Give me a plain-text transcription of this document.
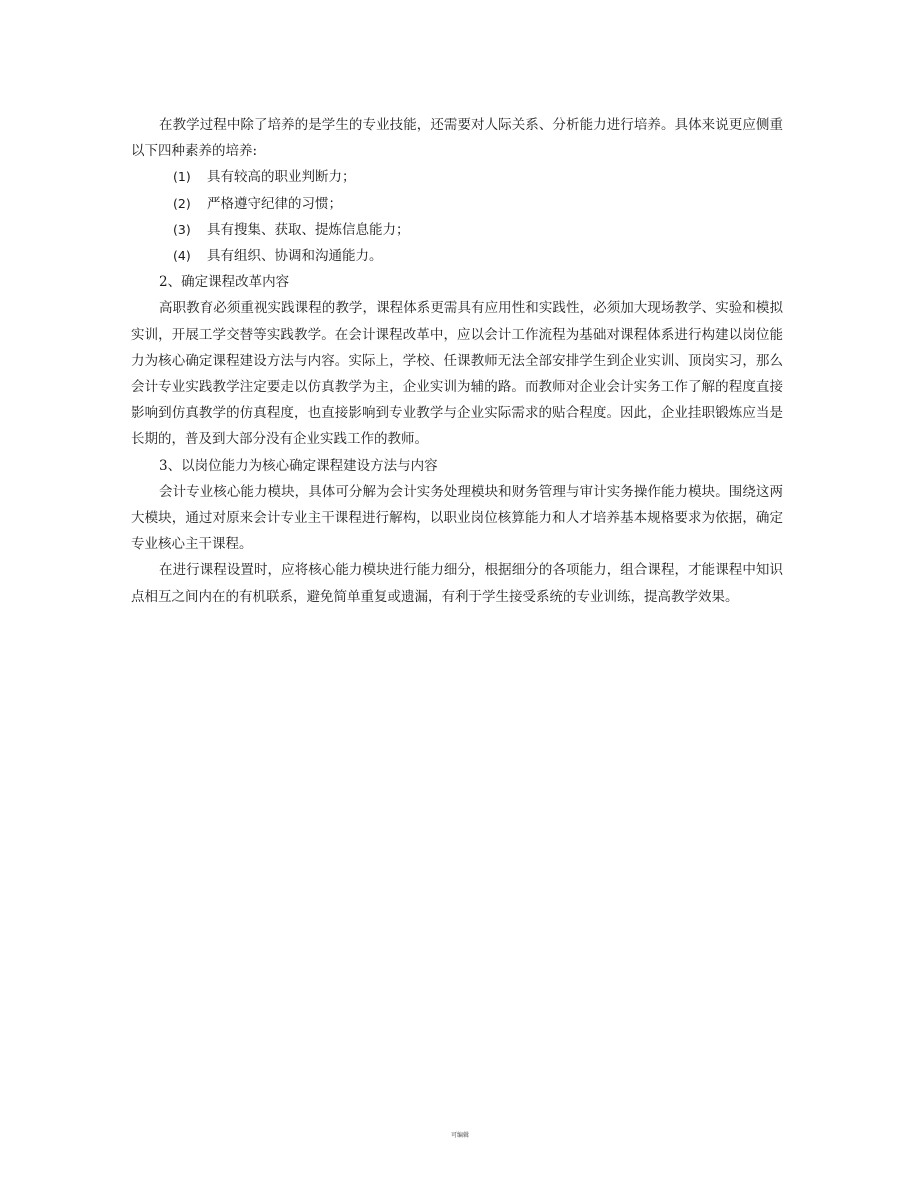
在教学过程中除了培养的是学生的专业技能，还需要对人际关系、分析能力进行培养。具体来说更应侧重以下四种素养的培养:

(1)	具有较高的职业判断力；
(2)	严格遵守纪律的习惯；
(3)	具有搜集、获取、提炼信息能力；
(4)	具有组织、协调和沟通能力。

2、确定课程改革内容

高职教育必须重视实践课程的教学，课程体系更需具有应用性和实践性，必须加大现场教学、实验和模拟实训，开展工学交替等实践教学。在会计课程改革中，应以会计工作流程为基础对课程体系进行构建以岗位能力为核心确定课程建设方法与内容。实际上，学校、任课教师无法全部安排学生到企业实训、顶岗实习，那么会计专业实践教学注定要走以仿真教学为主，企业实训为辅的路。而教师对企业会计实务工作了解的程度直接影响到仿真教学的仿真程度，也直接影响到专业教学与企业实际需求的贴合程度。因此，企业挂职锻炼应当是长期的，普及到大部分没有企业实践工作的教师。

3、以岗位能力为核心确定课程建设方法与内容

会计专业核心能力模块，具体可分解为会计实务处理模块和财务管理与审计实务操作能力模块。围绕这两大模块，通过对原来会计专业主干课程进行解构，以职业岗位核算能力和人才培养基本规格要求为依据，确定专业核心主干课程。

在进行课程设置时，应将核心能力模块进行能力细分，根据细分的各项能力，组合课程，才能课程中知识点相互之间内在的有机联系，避免简单重复或遗漏，有利于学生接受系统的专业训练，提高教学效果。

可编辑
